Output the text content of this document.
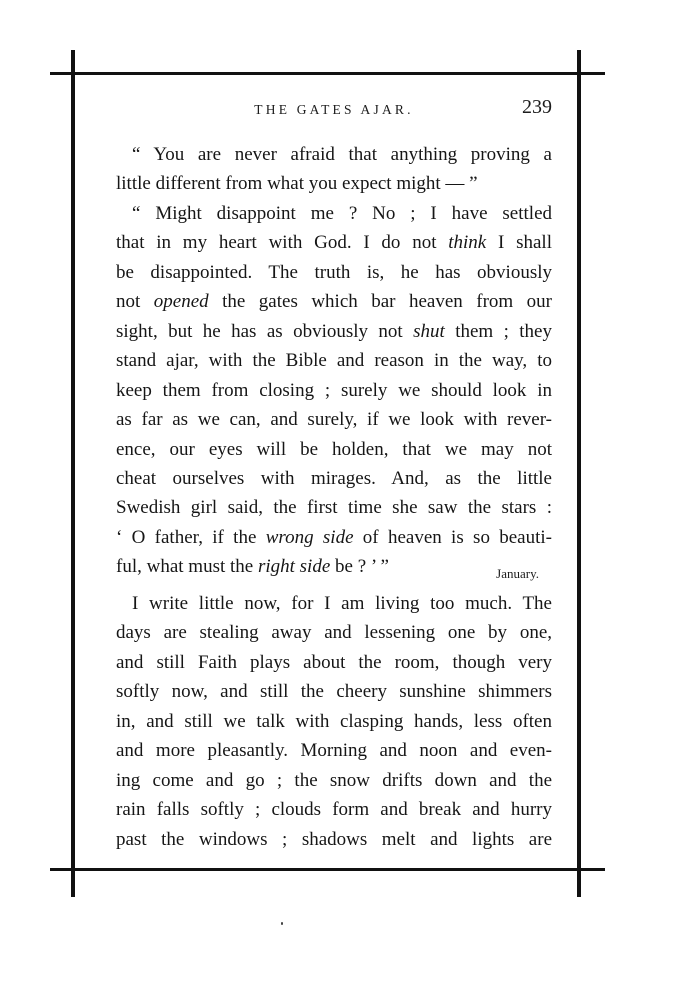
THE GATES AJAR.	239
“ You are never afraid that anything proving a
little different from what you expect might — ”
“ Might disappoint me ? No ; I have settled
that in my heart with God. I do not think I shall
be disappointed. The truth is, he has obviously
not opened the gates which bar heaven from our
sight, but he has as obviously not shut them ; they
stand ajar, with the Bible and reason in the way, to
keep them from closing ; surely we should look in
as far as we can, and surely, if we look with rever-
ence, our eyes will be holden, that we may not
cheat ourselves with mirages. And, as the little
Swedish girl said, the first time she saw the stars :
‘ O father, if the wrong side of heaven is so beauti-
ful, what must the right side be ? ’ ”	January.
I write little now, for I am living too much. The
days are stealing away and lessening one by one,
and still Faith plays about the room, though very
softly now, and still the cheery sunshine shimmers
in, and still we talk with clasping hands, less often
and more pleasantly. Morning and noon and even-
ing come and go ; the snow drifts down and the
rain falls softly ; clouds form and break and hurry
past the windows ; shadows melt and lights are
